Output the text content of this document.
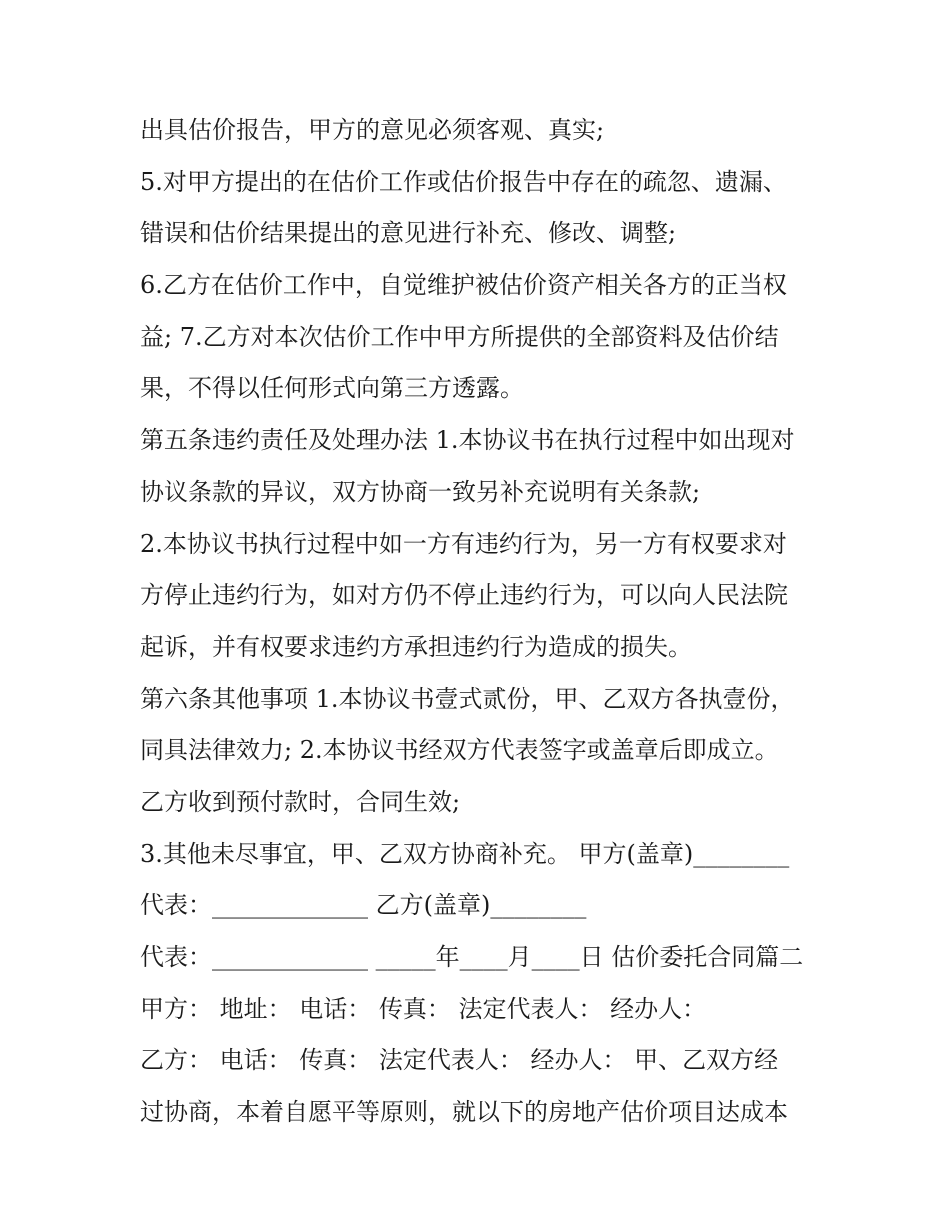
出具估价报告，甲方的意见必须客观、真实;
5.对甲方提出的在估价工作或估价报告中存在的疏忽、遗漏、
错误和估价结果提出的意见进行补充、修改、调整;
6.乙方在估价工作中，自觉维护被估价资产相关各方的正当权
益; 7.乙方对本次估价工作中甲方所提供的全部资料及估价结
果，不得以任何形式向第三方透露。
第五条违约责任及处理办法 1.本协议书在执行过程中如出现对
协议条款的异议，双方协商一致另补充说明有关条款;
2.本协议书执行过程中如一方有违约行为，另一方有权要求对
方停止违约行为，如对方仍不停止违约行为，可以向人民法院
起诉，并有权要求违约方承担违约行为造成的损失。
第六条其他事项 1.本协议书壹式贰份，甲、乙双方各执壹份，
同具法律效力; 2.本协议书经双方代表签字或盖章后即成立。
乙方收到预付款时，合同生效;
3.其他未尽事宜，甲、乙双方协商补充。 甲方(盖章)________
代表：_____________ 乙方(盖章)________
代表：_____________ _____年____月____日 估价委托合同篇二
甲方： 地址： 电话： 传真： 法定代表人： 经办人：
乙方： 电话： 传真： 法定代表人： 经办人： 甲、乙双方经
过协商，本着自愿平等原则，就以下的房地产估价项目达成本
